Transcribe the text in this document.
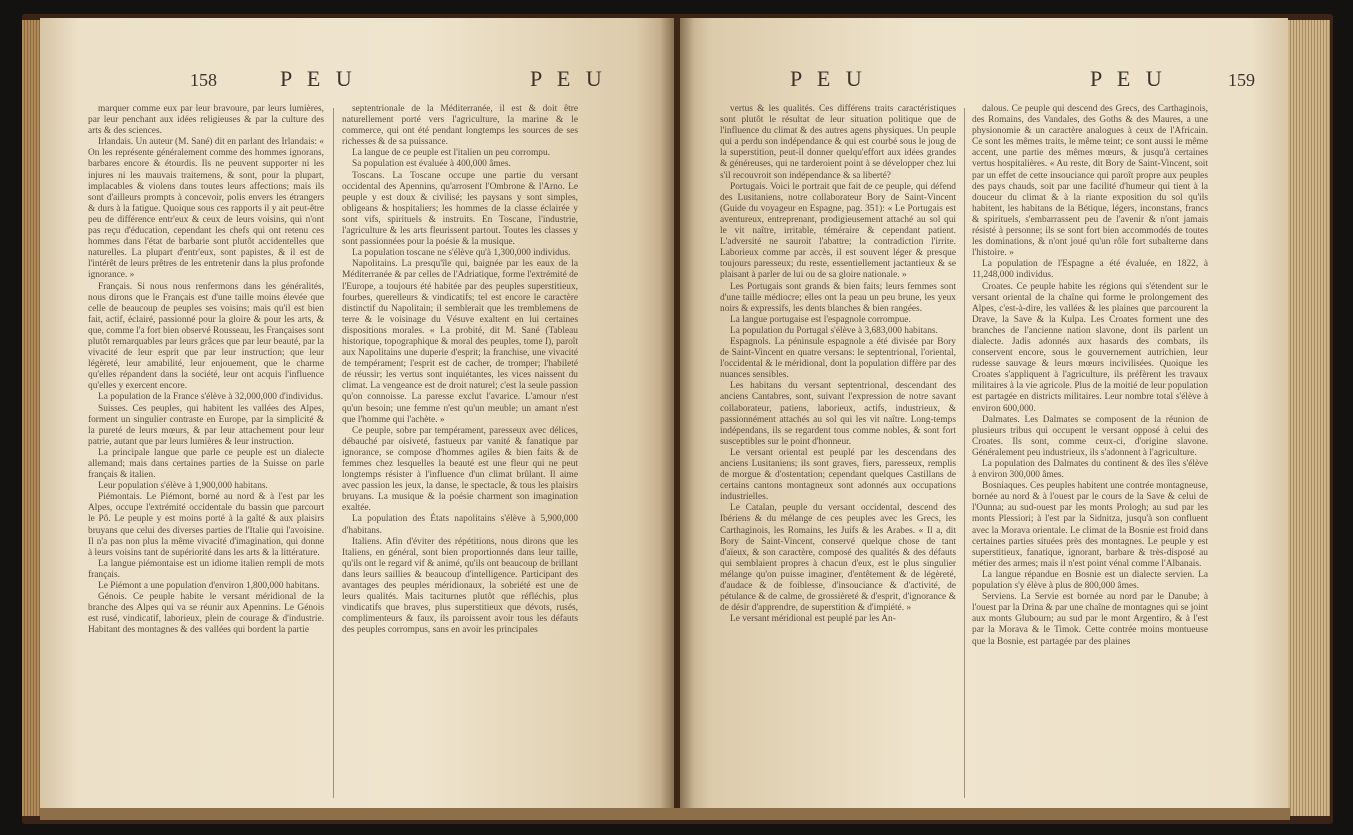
158	P E U	P E U

marquer comme eux par leur bravoure, par leurs lumières, par leur penchant aux idées religieuses & par la culture des arts & des sciences.

Irlandais. Un auteur (M. Sané) dit en parlant des Irlandais: « On les représente généralement comme des hommes ignorans, barbares encore & étourdis. Ils ne peuvent supporter ni les injures ni les mauvais traitemens, & sont, pour la plupart, implacables & violens dans toutes leurs affections; mais ils sont d'ailleurs prompts à concevoir, polis envers les étrangers & durs à la fatigue. Quoique sous ces rapports il y ait peut-être peu de différence entr'eux & ceux de leurs voisins, qui n'ont pas reçu d'éducation, cependant les chefs qui ont retenu ces hommes dans l'état de barbarie sont plutôt accidentelles que naturelles. La plupart d'entr'eux, sont papistes, & il est de l'intérêt de leurs prêtres de les entretenir dans la plus profonde ignorance. »

Français. Si nous nous renfermons dans les généralités, nous dirons que le Français est d'une taille moins élevée que celle de beaucoup de peuples ses voisins; mais qu'il est bien fait, actif, éclairé, passionné pour la gloire & pour les arts, & que, comme l'a fort bien observé Rousseau, les Françaises sont plutôt remarquables par leurs grâces que par leur beauté, par la vivacité de leur esprit que par leur instruction; que leur légèreté, leur amabilité, leur enjouement, que le charme qu'elles répandent dans la société, leur ont acquis l'influence qu'elles y exercent encore.

La population de la France s'élève à 32,000,000 d'individus.

Suisses. Ces peuples, qui habitent les vallées des Alpes, forment un singulier contraste en Europe, par la simplicité & la pureté de leurs mœurs, & par leur attachement pour leur patrie, autant que par leurs lumières & leur instruction.

La principale langue que parle ce peuple est un dialecte allemand; mais dans certaines parties de la Suisse on parle français & italien.

Leur population s'élève à 1,900,000 habitans.

Piémontais. Le Piémont, borné au nord & à l'est par les Alpes, occupe l'extrémité occidentale du bassin que parcourt le Pô. Le peuple y est moins porté à la gaîté & aux plaisirs bruyans que celui des diverses parties de l'Italie qui l'avoisine. Il n'a pas non plus la même vivacité d'imagination, qui donne à leurs voisins tant de supériorité dans les arts & la littérature.

La langue piémontaise est un idiome italien rempli de mots français.

Le Piémont a une population d'environ 1,800,000 habitans.

Génois. Ce peuple habite le versant méridional de la branche des Alpes qui va se réunir aux Apennins. Le Génois est rusé, vindicatif, laborieux, plein de courage & d'industrie. Habitant des montagnes & des vallées qui bordent la partie

septentrionale de la Méditerranée, il est & doit être naturellement porté vers l'agriculture, la marine & le commerce, qui ont été pendant longtemps les sources de ses richesses & de sa puissance.

La langue de ce peuple est l'italien un peu corrompu.

Sa population est évaluée à 400,000 âmes.

Toscans. La Toscane occupe une partie du versant occidental des Apennins, qu'arrosent l'Ombrone & l'Arno. Le peuple y est doux & civilisé; les paysans y sont simples, obligeans & hospitaliers; les hommes de la classe éclairée y sont vifs, spirituels & instruits. En Toscane, l'industrie, l'agriculture & les arts fleurissent partout. Toutes les classes y sont passionnées pour la poésie & la musique.

La population toscane ne s'élève qu'à 1,300,000 individus.

Napolitains. La presqu'île qui, baignée par les eaux de la Méditerranée & par celles de l'Adriatique, forme l'extrémité de l'Europe, a toujours été habitée par des peuples superstitieux, fourbes, querelleurs & vindicatifs; tel est encore le caractère distinctif du Napolitain; il semblerait que les tremblemens de terre & le voisinage du Vésuve exaltent en lui certaines dispositions morales. « La probité, dit M. Sané (Tableau historique, topographique & moral des peuples, tome I), paroît aux Napolitains une duperie d'esprit; la franchise, une vivacité de tempérament; l'esprit est de cacher, de tromper; l'habileté de réussir; les vertus sont inquiétantes, les vices naissent du climat. La vengeance est de droit naturel; c'est la seule passion qu'on connoisse. La paresse exclut l'avarice. L'amour n'est qu'un besoin; une femme n'est qu'un meuble; un amant n'est que l'homme qui l'achète. »

Ce peuple, sobre par tempérament, paresseux avec délices, débauché par oisiveté, fastueux par vanité & fanatique par ignorance, se compose d'hommes agiles & bien faits & de femmes chez lesquelles la beauté est une fleur qui ne peut longtemps résister à l'influence d'un climat brûlant. Il aime avec passion les jeux, la danse, le spectacle, & tous les plaisirs bruyans. La musique & la poésie charment son imagination exaltée.

La population des États napolitains s'élève à 5,900,000 d'habitans.

Italiens. Afin d'éviter des répétitions, nous dirons que les Italiens, en général, sont bien proportionnés dans leur taille, qu'ils ont le regard vif & animé, qu'ils ont beaucoup de brillant dans leurs saillies & beaucoup d'intelligence. Participant des avantages des peuples méridionaux, la sobriété est une de leurs qualités. Mais taciturnes plutôt que réfléchis, plus vindicatifs que braves, plus superstitieux que dévots, rusés, complimenteurs & faux, ils paroissent avoir tous les défauts des peuples corrompus, sans en avoir les principales

P E U	P E U	159

vertus & les qualités. Ces différens traits caractéristiques sont plutôt le résultat de leur situation politique que de l'influence du climat & des autres agens physiques. Un peuple qui a perdu son indépendance & qui est courbé sous le joug de la superstition, peut-il donner quelqu'effort aux idées grandes & généreuses, qui ne tarderoient point à se développer chez lui s'il recouvroit son indépendance & sa liberté?

Portugais. Voici le portrait que fait de ce peuple, qui défend des Lusitaniens, notre collaborateur Bory de Saint-Vincent (Guide du voyageur en Espagne, pag. 351): « Le Portugais est aventureux, entreprenant, prodigieusement attaché au sol qui le vit naître, irritable, téméraire & cependant patient. L'adversité ne sauroit l'abattre; la contradiction l'irrite. Laborieux comme par accès, il est souvent léger & presque toujours paresseux; du reste, essentiellement jactantieux & se plaisant à parler de lui ou de sa gloire nationale. »

Les Portugais sont grands & bien faits; leurs femmes sont d'une taille médiocre; elles ont la peau un peu brune, les yeux noirs & expressifs, les dents blanches & bien rangées.

La langue portugaise est l'espagnole corrompue.

La population du Portugal s'élève à 3,683,000 habitans.

Espagnols. La péninsule espagnole a été divisée par Bory de Saint-Vincent en quatre versans: le septentrional, l'oriental, l'occidental & le méridional, dont la population diffère par des nuances sensibles.

Les habitans du versant septentrional, descendant des anciens Cantabres, sont, suivant l'expression de notre savant collaborateur, patiens, laborieux, actifs, industrieux, & passionnément attachés au sol qui les vit naître. Long-temps indépendans, ils se regardent tous comme nobles, & sont fort susceptibles sur le point d'honneur.

Le versant oriental est peuplé par les descendans des anciens Lusitaniens; ils sont graves, fiers, paresseux, remplis de morgue & d'ostentation; cependant quelques Castillans de certains cantons montagneux sont adonnés aux occupations industrielles.

Le Catalan, peuple du versant occidental, descend des Ibériens & du mélange de ces peuples avec les Grecs, les Carthaginois, les Romains, les Juifs & les Arabes. « Il a, dit Bory de Saint-Vincent, conservé quelque chose de tant d'aïeux, & son caractère, composé des qualités & des défauts qui semblaient propres à chacun d'eux, est le plus singulier mélange qu'on puisse imaginer, d'entêtement & de légèreté, d'audace & de foiblesse, d'insouciance & d'activité, de pétulance & de calme, de grossièreté & d'esprit, d'ignorance & de désir d'apprendre, de superstition & d'impiété. »

Le versant méridional est peuplé par les An-

dalous. Ce peuple qui descend des Grecs, des Carthaginois, des Romains, des Vandales, des Goths & des Maures, a une physionomie & un caractère analogues à ceux de l'Africain. Ce sont les mêmes traits, le même teint; ce sont aussi le même accent, une partie des mêmes mœurs, & jusqu'à certaines vertus hospitalières. « Au reste, dit Bory de Saint-Vincent, soit par un effet de cette insouciance qui paroît propre aux peuples des pays chauds, soit par une facilité d'humeur qui tient à la douceur du climat & à la riante exposition du sol qu'ils habitent, les habitans de la Bétique, légers, inconstans, francs & spirituels, s'embarrassent peu de l'avenir & n'ont jamais résisté à personne; ils se sont fort bien accommodés de toutes les dominations, & n'ont joué qu'un rôle fort subalterne dans l'histoire. »

La population de l'Espagne a été évaluée, en 1822, à 11,248,000 individus.

Croates. Ce peuple habite les régions qui s'étendent sur le versant oriental de la chaîne qui forme le prolongement des Alpes, c'est-à-dire, les vallées & les plaines que parcourent la Drave, la Save & la Kulpa. Les Croates forment une des branches de l'ancienne nation slavone, dont ils parlent un dialecte. Jadis adonnés aux hasards des combats, ils conservent encore, sous le gouvernement autrichien, leur rudesse sauvage & leurs mœurs incivilisées. Quoique les Croates s'appliquent à l'agriculture, ils préfèrent les travaux militaires à la vie agricole. Plus de la moitié de leur population est partagée en districts militaires. Leur nombre total s'élève à environ 600,000.

Dalmates. Les Dalmates se composent de la réunion de plusieurs tribus qui occupent le versant opposé à celui des Croates. Ils sont, comme ceux-ci, d'origine slavone. Généralement peu industrieux, ils s'adonnent à l'agriculture.

La population des Dalmates du continent & des îles s'élève à environ 300,000 âmes.

Bosniaques. Ces peuples habitent une contrée montagneuse, bornée au nord & à l'ouest par le cours de la Save & celui de l'Ounna; au sud-ouest par les monts Prologh; au sud par les monts Plessiori; à l'est par la Sidnitza, jusqu'à son confluent avec la Morava orientale. Le climat de la Bosnie est froid dans certaines parties situées près des montagnes. Le peuple y est superstitieux, fanatique, ignorant, barbare & très-disposé au métier des armes; mais il n'est point vénal comme l'Albanais.

La langue répandue en Bosnie est un dialecte servien. La population s'y élève à plus de 800,000 âmes.

Serviens. La Servie est bornée au nord par le Danube; à l'ouest par la Drina & par une chaîne de montagnes qui se joint aux monts Glubourn; au sud par le mont Argentiro, & à l'est par la Morava & le Timok. Cette contrée moins montueuse que la Bosnie, est partagée par des plaines
